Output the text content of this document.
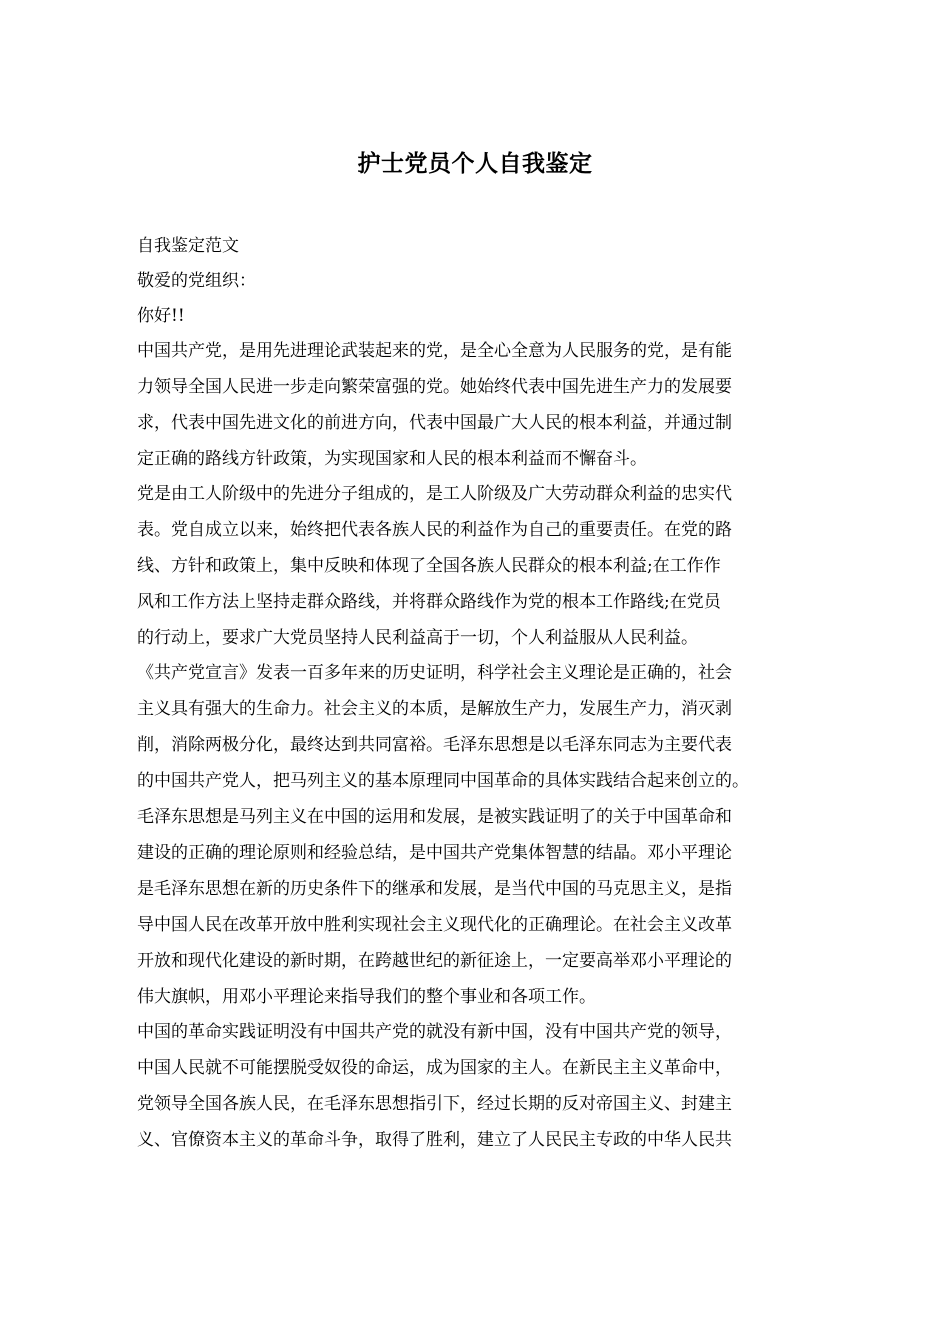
护士党员个人自我鉴定

自我鉴定范文

敬爱的党组织：

你好!!

中国共产党，是用先进理论武装起来的党，是全心全意为人民服务的党，是有能

力领导全国人民进一步走向繁荣富强的党。她始终代表中国先进生产力的发展要

求，代表中国先进文化的前进方向，代表中国最广大人民的根本利益，并通过制

定正确的路线方针政策，为实现国家和人民的根本利益而不懈奋斗。

党是由工人阶级中的先进分子组成的，是工人阶级及广大劳动群众利益的忠实代

表。党自成立以来，始终把代表各族人民的利益作为自己的重要责任。在党的路

线、方针和政策上，集中反映和体现了全国各族人民群众的根本利益;在工作作

风和工作方法上坚持走群众路线，并将群众路线作为党的根本工作路线;在党员

的行动上，要求广大党员坚持人民利益高于一切，个人利益服从人民利益。

《共产党宣言》发表一百多年来的历史证明，科学社会主义理论是正确的，社会

主义具有强大的生命力。社会主义的本质，是解放生产力，发展生产力，消灭剥

削，消除两极分化，最终达到共同富裕。毛泽东思想是以毛泽东同志为主要代表

的中国共产党人，把马列主义的基本原理同中国革命的具体实践结合起来创立的。

毛泽东思想是马列主义在中国的运用和发展，是被实践证明了的关于中国革命和

建设的正确的理论原则和经验总结，是中国共产党集体智慧的结晶。邓小平理论

是毛泽东思想在新的历史条件下的继承和发展，是当代中国的马克思主义，是指

导中国人民在改革开放中胜利实现社会主义现代化的正确理论。在社会主义改革

开放和现代化建设的新时期，在跨越世纪的新征途上，一定要高举邓小平理论的

伟大旗帜，用邓小平理论来指导我们的整个事业和各项工作。

中国的革命实践证明没有中国共产党的就没有新中国，没有中国共产党的领导，

中国人民就不可能摆脱受奴役的命运，成为国家的主人。在新民主主义革命中，

党领导全国各族人民，在毛泽东思想指引下，经过长期的反对帝国主义、封建主

义、官僚资本主义的革命斗争，取得了胜利，建立了人民民主专政的中华人民共
